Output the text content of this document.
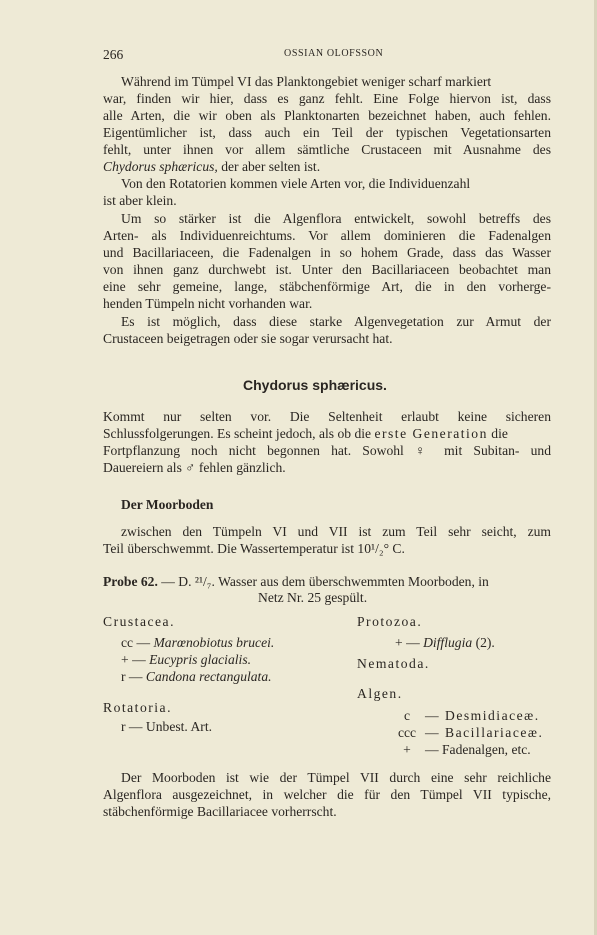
266	OSSIAN OLOFSSON
Während im Tümpel VI das Planktongebiet weniger scharf markiert
war, finden wir hier, dass es ganz fehlt. Eine Folge hiervon ist, dass
alle Arten, die wir oben als Planktonarten bezeichnet haben, auch fehlen.
Eigentümlicher ist, dass auch ein Teil der typischen Vegetationsarten
fehlt, unter ihnen vor allem sämtliche Crustaceen mit Ausnahme des
Chydorus sphæricus, der aber selten ist.
Von den Rotatorien kommen viele Arten vor, die Individuenzahl
ist aber klein.
Um so stärker ist die Algenflora entwickelt, sowohl betreffs des
Arten- als Individuenreichtums. Vor allem dominieren die Fadenalgen
und Bacillariaceen, die Fadenalgen in so hohem Grade, dass das Wasser
von ihnen ganz durchwebt ist. Unter den Bacillariaceen beobachtet man
eine sehr gemeine, lange, stäbchenförmige Art, die in den vorherge-
henden Tümpeln nicht vorhanden war.
Es ist möglich, dass diese starke Algenvegetation zur Armut der
Crustaceen beigetragen oder sie sogar verursacht hat.
Chydorus sphæricus.
Kommt nur selten vor. Die Seltenheit erlaubt keine sicheren
Schlussfolgerungen. Es scheint jedoch, als ob die erste Generation die
Fortpflanzung noch nicht begonnen hat. Sowohl ♀ mit Subitan- und
Dauereiern als ♂ fehlen gänzlich.
Der Moorboden
zwischen den Tümpeln VI und VII ist zum Teil sehr seicht, zum
Teil überschwemmt. Die Wassertemperatur ist 10¹/₂° C.
Probe 62. — D. ²¹/₇. Wasser aus dem überschwemmten Moorboden, in
Netz Nr. 25 gespült.
Crustacea.
cc — Marœnobiotus brucei.
+ — Eucypris glacialis.
r — Candona rectangulata.
Rotatoria.
r — Unbest. Art.
Protozoa.
+ — Difflugia (2).
Nematoda.
Algen.
c	— Desmidiaceæ.
ccc — Bacillariaceæ.
+	— Fadenalgen, etc.
Der Moorboden ist wie der Tümpel VII durch eine sehr reichliche
Algenflora ausgezeichnet, in welcher die für den Tümpel VII typische,
stäbchenförmige Bacillariacee vorherrscht.
